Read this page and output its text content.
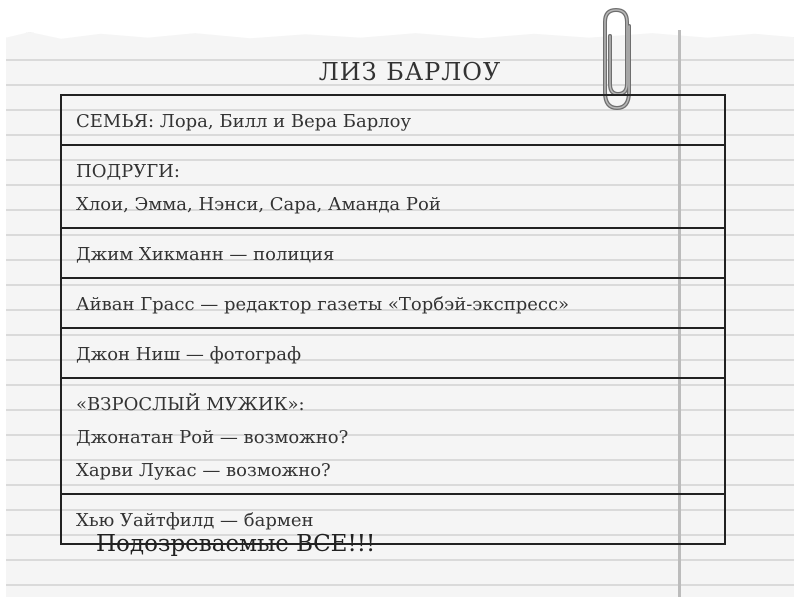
ЛИЗ БАРЛОУ
СЕМЬЯ: Лора, Билл и Вера Барлоу
ПОДРУГИ:
Хлои, Эмма, Нэнси, Сара, Аманда Рой
Джим Хикманн — полиция
Айван Грасс — редактор газеты «Торбэй-экспресс»
Джон Ниш — фотограф
«ВЗРОСЛЫЙ МУЖИК»:
Джонатан Рой — возможно?
Харви Лукас — возможно?
Хью Уайтфилд — бармен
Подозреваемые ВСЕ!!!
